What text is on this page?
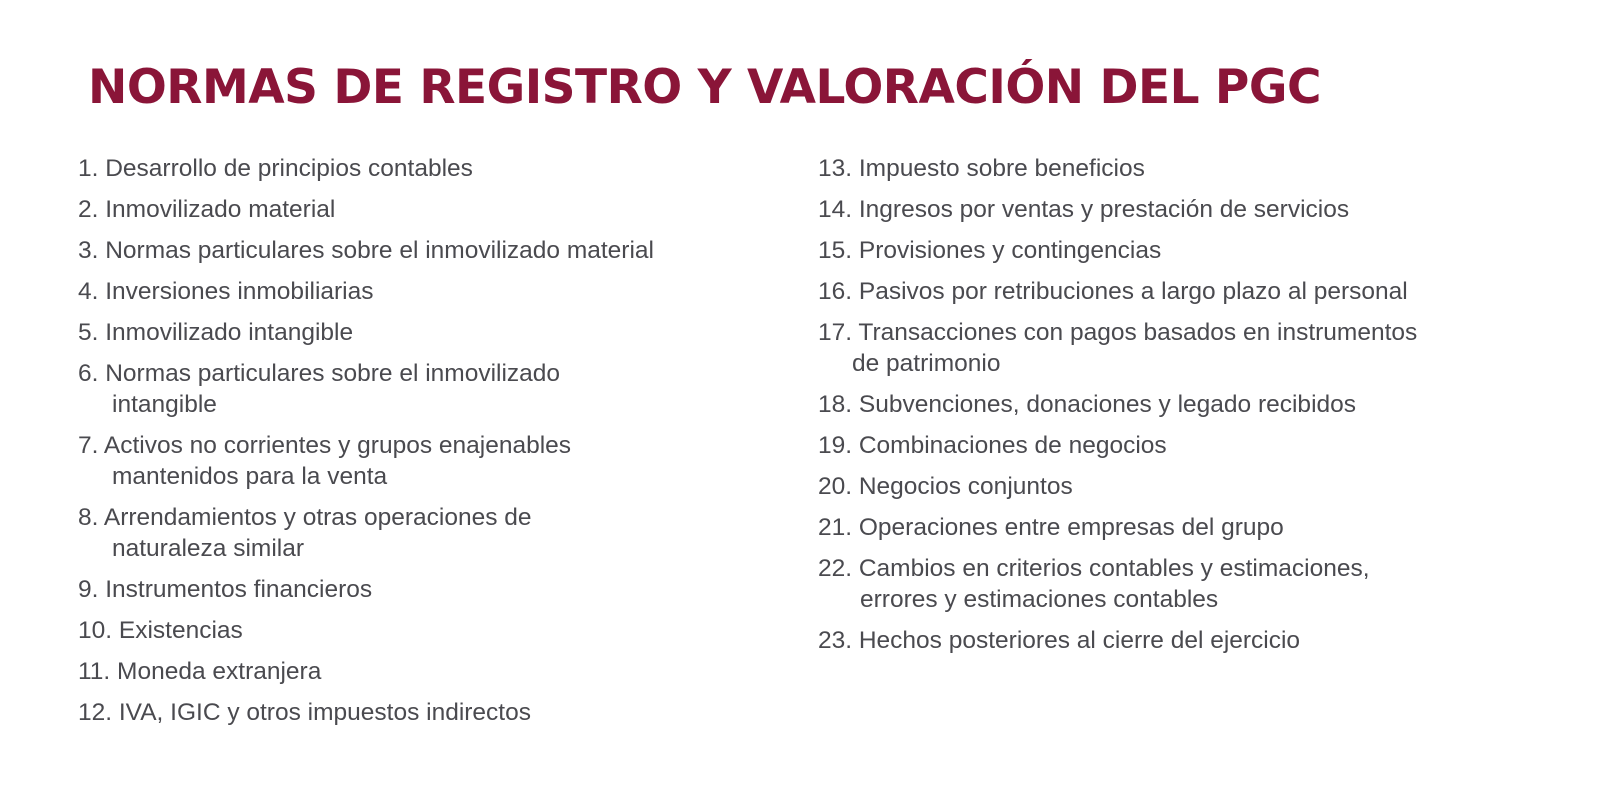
NORMAS DE REGISTRO Y VALORACIÓN DEL PGC
1. Desarrollo de principios contables
2. Inmovilizado material
3. Normas particulares sobre el inmovilizado material
4. Inversiones inmobiliarias
5. Inmovilizado intangible
6. Normas particulares sobre el inmovilizado
intangible
7. Activos no corrientes y grupos enajenables
mantenidos para la venta
8. Arrendamientos y otras operaciones de
naturaleza similar
9. Instrumentos financieros
10. Existencias
11. Moneda extranjera
12. IVA, IGIC y otros impuestos indirectos
13. Impuesto sobre beneficios
14. Ingresos por ventas y prestación de servicios
15. Provisiones y contingencias
16. Pasivos por retribuciones a largo plazo al personal
17. Transacciones con pagos basados en instrumentos
de patrimonio
18. Subvenciones, donaciones y legado recibidos
19. Combinaciones de negocios
20. Negocios conjuntos
21. Operaciones entre empresas del grupo
22. Cambios en criterios contables y estimaciones,
errores y estimaciones contables
23. Hechos posteriores al cierre del ejercicio
